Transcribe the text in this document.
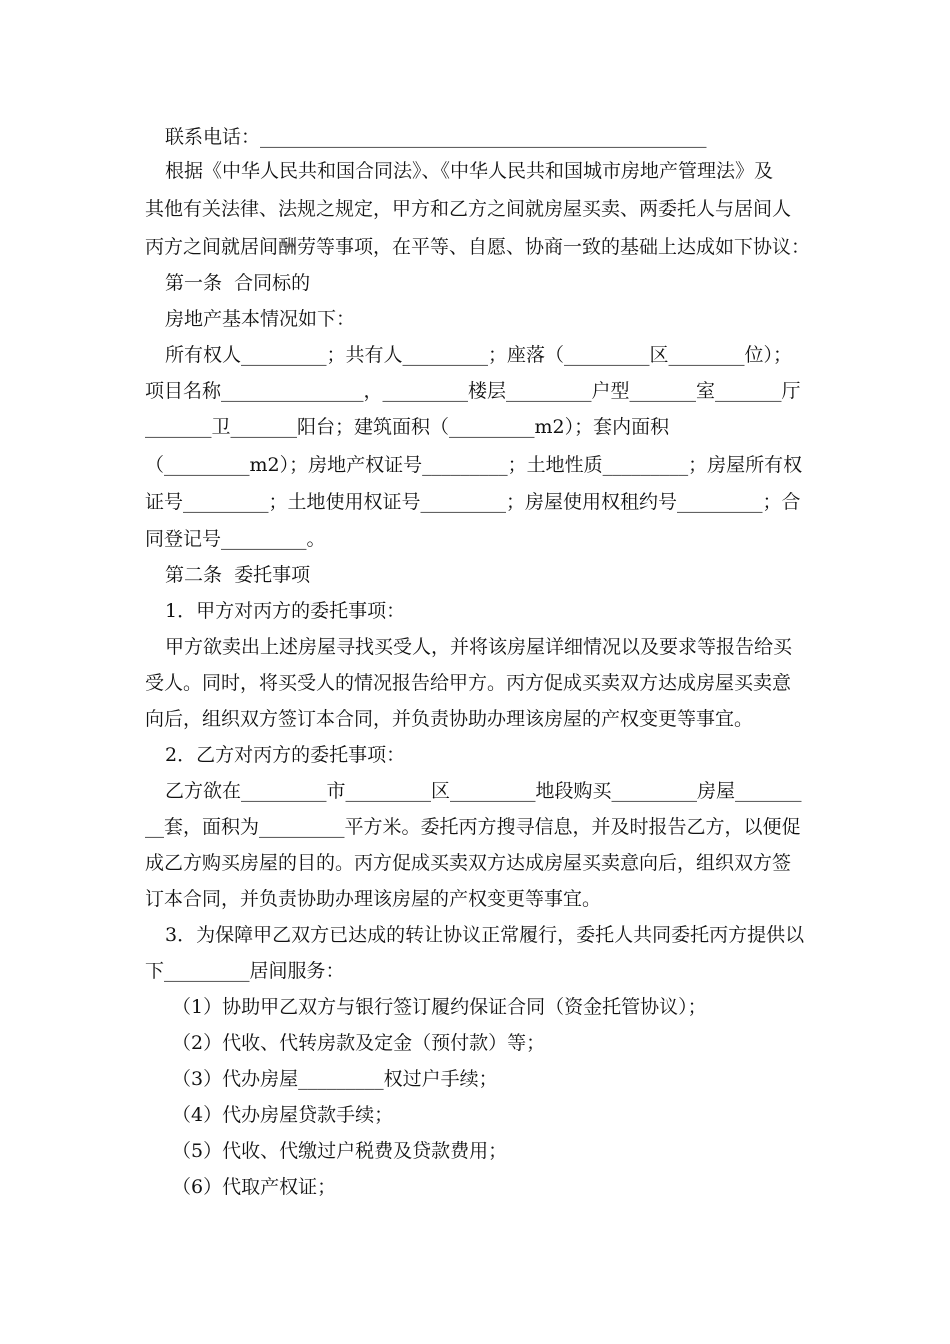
联系电话：_______________________________________________
根据《中华人民共和国合同法》、《中华人民共和国城市房地产管理法》及
其他有关法律、法规之规定，甲方和乙方之间就房屋买卖、两委托人与居间人
丙方之间就居间酬劳等事项，在平等、自愿、协商一致的基础上达成如下协议：
第一条  合同标的
房地产基本情况如下：
所有权人_________；共有人_________；座落（_________区________位）；
项目名称_______________，_________楼层_________户型_______室_______厅
_______卫_______阳台；建筑面积（_________m2）；套内面积
（_________m2）；房地产权证号_________；土地性质_________；房屋所有权
证号_________；土地使用权证号_________；房屋使用权租约号_________；合
同登记号_________。
第二条  委托事项
1．甲方对丙方的委托事项：
甲方欲卖出上述房屋寻找买受人，并将该房屋详细情况以及要求等报告给买
受人。同时，将买受人的情况报告给甲方。丙方促成买卖双方达成房屋买卖意
向后，组织双方签订本合同，并负责协助办理该房屋的产权变更等事宜。
2．乙方对丙方的委托事项：
乙方欲在_________市_________区_________地段购买_________房屋_______
__套，面积为_________平方米。委托丙方搜寻信息，并及时报告乙方，以便促
成乙方购买房屋的目的。丙方促成买卖双方达成房屋买卖意向后，组织双方签
订本合同，并负责协助办理该房屋的产权变更等事宜。
3．为保障甲乙双方已达成的转让协议正常履行，委托人共同委托丙方提供以
下_________居间服务：
（1）协助甲乙双方与银行签订履约保证合同（资金托管协议）；
（2）代收、代转房款及定金（预付款）等；
（3）代办房屋_________权过户手续；
（4）代办房屋贷款手续；
（5）代收、代缴过户税费及贷款费用；
（6）代取产权证；
